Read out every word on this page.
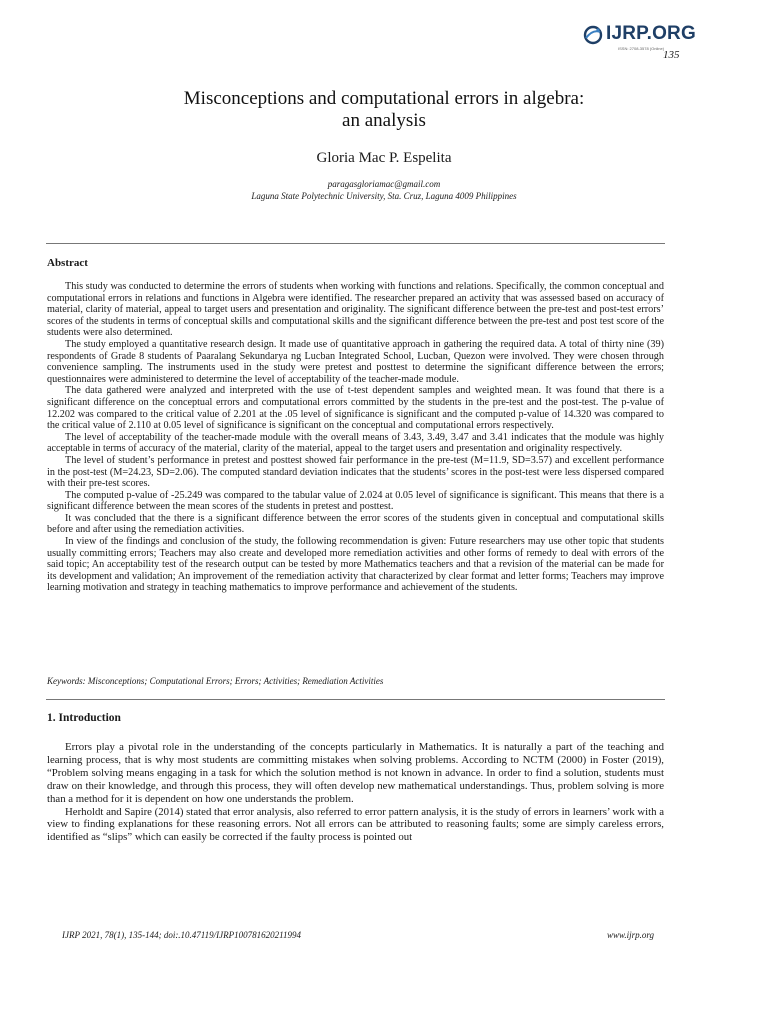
IJRP.ORG
ISSN: 2708-3578 (Online)
135
Misconceptions and computational errors in algebra:
an analysis
Gloria Mac P. Espelita
paragasgloriamac@gmail.com
Laguna State Polytechnic University, Sta. Cruz, Laguna 4009 Philippines
Abstract

This study was conducted to determine the errors of students when working with functions and relations. Specifically, the common conceptual and computational errors in relations and functions in Algebra were identified. The researcher prepared an activity that was assessed based on accuracy of material, clarity of material, appeal to target users and presentation and originality. The significant difference between the pre-test and post-test errors’ scores of the students in terms of conceptual skills and computational skills and the significant difference between the pre-test and post test score of the students were also determined.

The study employed a quantitative research design. It made use of quantitative approach in gathering the required data. A total of thirty nine (39) respondents of Grade 8 students of Paaralang Sekundarya ng Lucban Integrated School, Lucban, Quezon were involved. They were chosen through convenience sampling. The instruments used in the study were pretest and posttest to determine the significant difference between the errors; questionnaires were administered to determine the level of acceptability of the teacher-made module.

The data gathered were analyzed and interpreted with the use of t-test dependent samples and weighted mean. It was found that there is a significant difference on the conceptual errors and computational errors committed by the students in the pre-test and the post-test. The p-value of 12.202 was compared to the critical value of 2.201 at the .05 level of significance is significant and the computed p-value of 14.320 was compared to the critical value of 2.110 at 0.05 level of significance is significant on the conceptual and computational errors respectively.

The level of acceptability of the teacher-made module with the overall means of 3.43, 3.49, 3.47 and 3.41 indicates that the module was highly acceptable in terms of accuracy of the material, clarity of the material, appeal to the target users and presentation and originality respectively.

The level of student’s performance in pretest and posttest showed fair performance in the pre-test (M=11.9, SD=3.57) and excellent performance in the post-test (M=24.23, SD=2.06). The computed standard deviation indicates that the students’ scores in the post-test were less dispersed compared with their pre-test scores.

The computed p-value of -25.249 was compared to the tabular value of 2.024 at 0.05 level of significance is significant. This means that there is a significant difference between the mean scores of the students in pretest and posttest.

It was concluded that the there is a significant difference between the error scores of the students given in conceptual and computational skills before and after using the remediation activities.

In view of the findings and conclusion of the study, the following recommendation is given: Future researchers may use other topic that students usually committing errors; Teachers may also create and developed more remediation activities and other forms of remedy to deal with errors of the said topic; An acceptability test of the research output can be tested by more Mathematics teachers and that a revision of the material can be made for its development and validation; An improvement of the remediation activity that characterized by clear format and letter forms; Teachers may improve learning motivation and strategy in teaching mathematics to improve performance and achievement of the students.

Keywords: Misconceptions; Computational Errors; Errors; Activities; Remediation Activities
1. Introduction

Errors play a pivotal role in the understanding of the concepts particularly in Mathematics. It is naturally a part of the teaching and learning process, that is why most students are committing mistakes when solving problems. According to NCTM (2000) in Foster (2019), “Problem solving means engaging in a task for which the solution method is not known in advance. In order to find a solution, students must draw on their knowledge, and through this process, they will often develop new mathematical understandings. Thus, problem solving is more than a method for it is dependent on how one understands the problem.

Herholdt and Sapire (2014) stated that error analysis, also referred to error pattern analysis, it is the study of errors in learners’ work with a view to finding explanations for these reasoning errors. Not all errors can be attributed to reasoning faults; some are simply careless errors, identified as “slips” which can easily be corrected if the faulty process is pointed out

IJRP 2021, 78(1), 135-144; doi:.10.47119/IJRP100781620211994	www.ijrp.org
